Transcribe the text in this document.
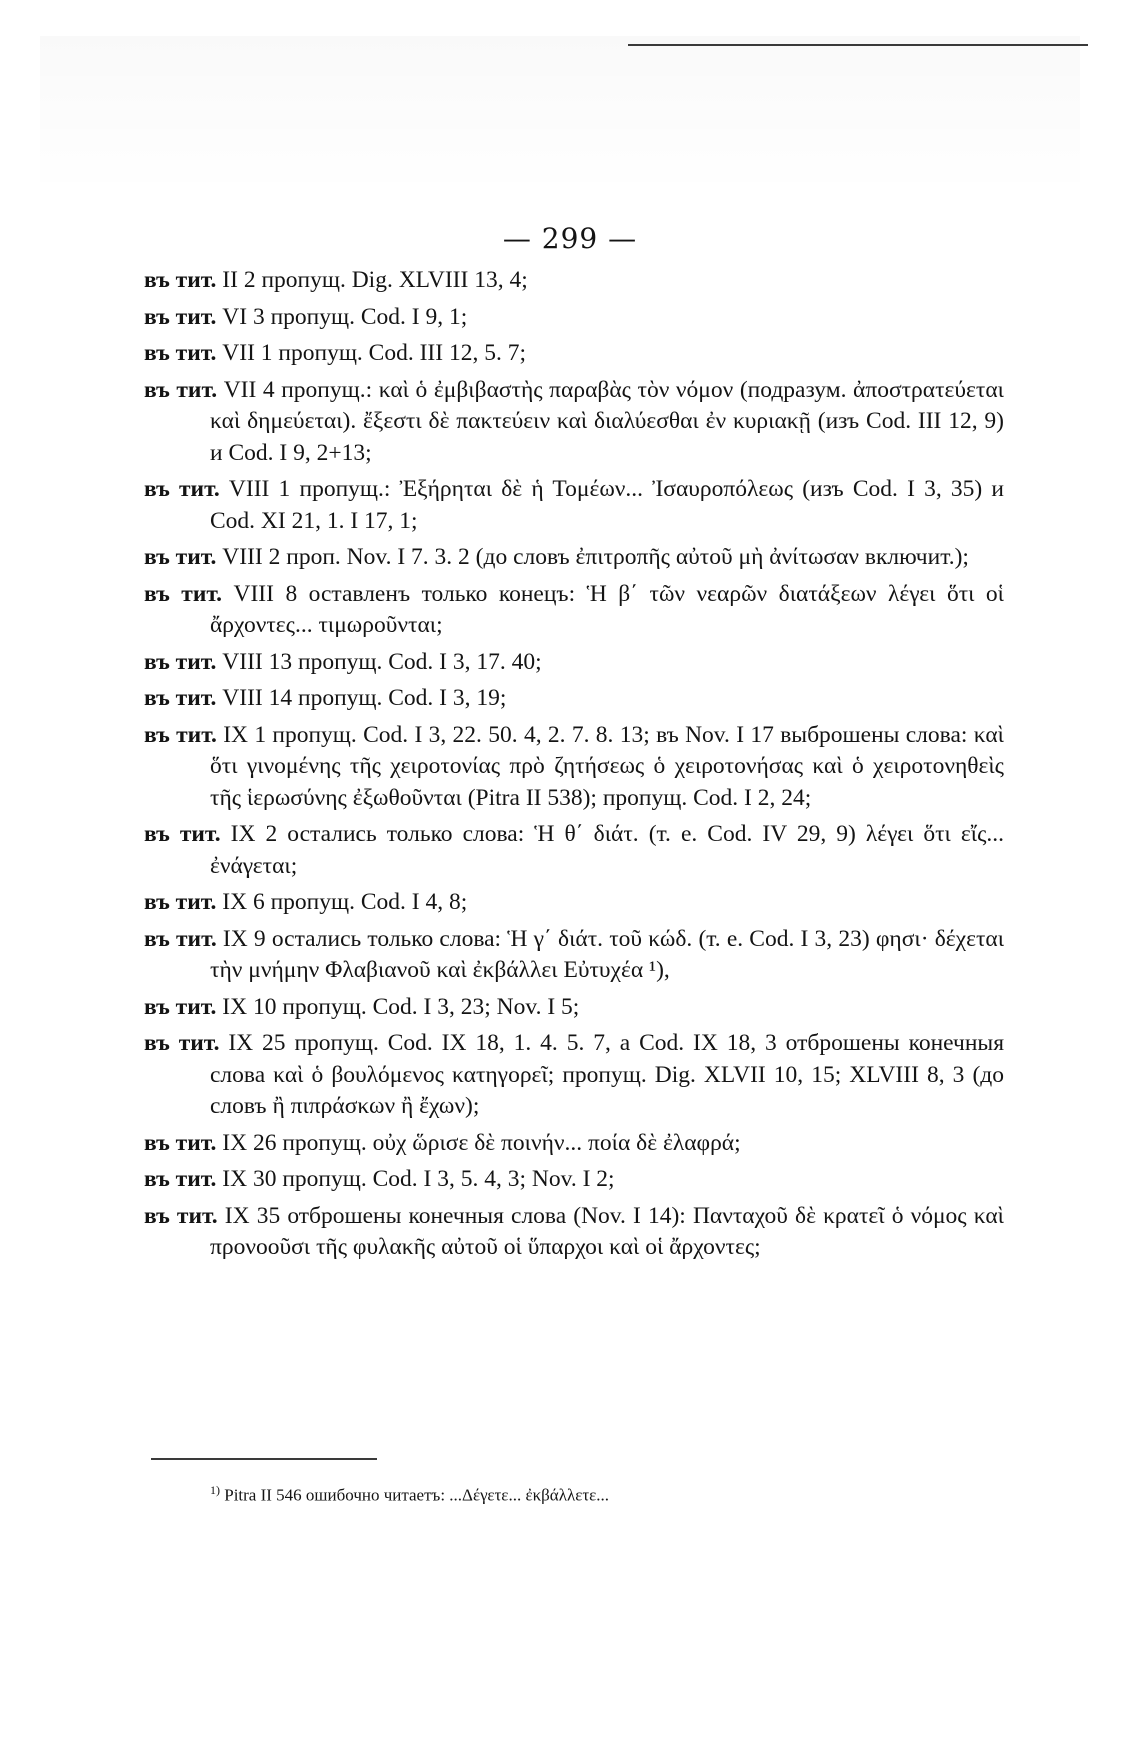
— 299 —
въ тит. II 2 пропущ. Dig. XLVIII 13, 4;
въ тит. VI 3 пропущ. Cod. I 9, 1;
въ тит. VII 1 пропущ. Cod. III 12, 5. 7;
въ тит. VII 4 пропущ.: καὶ ὁ ἐμβιβαστὴς παραβὰς τὸν νόμον (подразум. ἀποστρατεύεται καὶ δημεύεται). ἔξεστι δὲ πακτεύειν καὶ διαλύεσθαι ἐν κυριακῇ (изъ Cod. III 12, 9) и Cod. I 9, 2+13;
въ тит. VIII 1 пропущ.: Ἐξήρηται δὲ ἡ Τομέων... Ἰσαυροπόλεως (изъ Cod. I 3, 35) и Cod. XI 21, 1. I 17, 1;
въ тит. VIII 2 проп. Nov. I 7. 3. 2 (до словъ ἐπιτροπῆς αὐτοῦ μὴ ἀνίτωσαν включит.);
въ тит. VIII 8 оставленъ только конецъ: Ἡ β΄ τῶν νεαρῶν διατάξεων λέγει ὅτι οἱ ἄρχοντες... τιμωροῦνται;
въ тит. VIII 13 пропущ. Cod. I 3, 17. 40;
въ тит. VIII 14 пропущ. Cod. I 3, 19;
въ тит. IX 1 пропущ. Cod. I 3, 22. 50. 4, 2. 7. 8. 13; въ Nov. I 17 выброшены слова: καὶ ὅτι γινομένης τῆς χειροτονίας πρὸ ζητήσεως ὁ χειροτονήσας καὶ ὁ χειροτονηθεὶς τῆς ἱερωσύνης ἐξωθοῦνται (Pitra II 538); пропущ. Cod. I 2, 24;
въ тит. IX 2 остались только слова: Ἡ θ΄ διάτ. (т. е. Cod. IV 29, 9) λέγει ὅτι εἴς... ἐνάγεται;
въ тит. IX 6 пропущ. Cod. I 4, 8;
въ тит. IX 9 остались только слова: Ἡ γ΄ διάτ. τοῦ κώδ. (т. е. Cod. I 3, 23) φησι· δέχεται τὴν μνήμην Φλαβιανοῦ καὶ ἐκβάλλει Εὐτυχέα ¹),
въ тит. IX 10 пропущ. Cod. I 3, 23; Nov. I 5;
въ тит. IX 25 пропущ. Cod. IX 18, 1. 4. 5. 7, а Cod. IX 18, 3 отброшены конечныя слова καὶ ὁ βουλόμενος κατηγορεῖ; пропущ. Dig. XLVII 10, 15; XLVIII 8, 3 (до словъ ἢ πιπράσκων ἢ ἔχων);
въ тит. IX 26 пропущ. οὐχ ὥρισε δὲ ποινήν... ποία δὲ ἐλαφρά;
въ тит. IX 30 пропущ. Cod. I 3, 5. 4, 3; Nov. I 2;
въ тит. IX 35 отброшены конечныя слова (Nov. I 14): Πανταχοῦ δὲ κρατεῖ ὁ νόμος καὶ προνοοῦσι τῆς φυλακῆς αὐτοῦ οἱ ὕπαρχοι καὶ οἱ ἄρχοντες;
$^{1)}$ Pitra II 546 ошибочно читаетъ: ...Δέγετε... ἐκβάλλετε...
